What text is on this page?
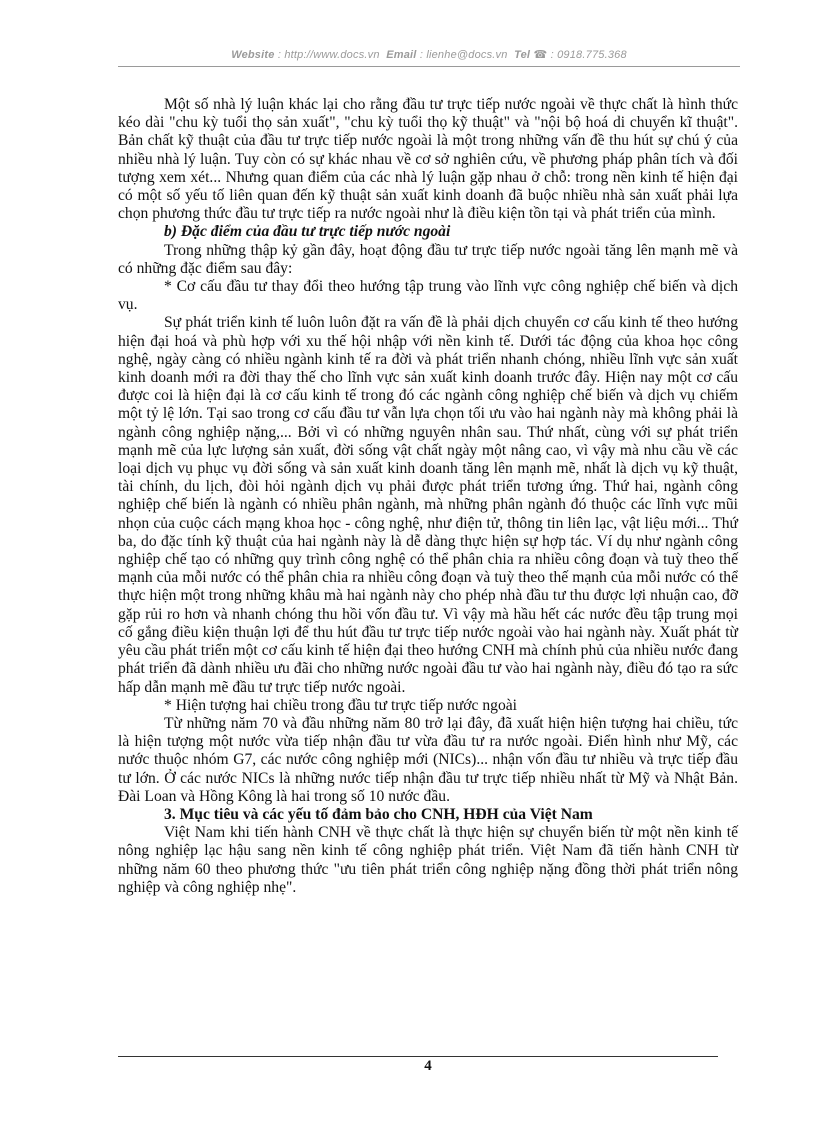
Website : http://www.docs.vn Email : lienhe@docs.vn Tel ☎ : 0918.775.368

Một số nhà lý luận khác lại cho rằng đầu tư trực tiếp nước ngoài về thực chất là hình thức kéo dài "chu kỳ tuổi thọ sản xuất", "chu kỳ tuổi thọ kỹ thuật" và "nội bộ hoá di chuyển kĩ thuật". Bản chất kỹ thuật của đầu tư trực tiếp nước ngoài là một trong những vấn đề thu hút sự chú ý của nhiều nhà lý luận. Tuy còn có sự khác nhau về cơ sở nghiên cứu, về phương pháp phân tích và đối tượng xem xét... Nhưng quan điểm của các nhà lý luận gặp nhau ở chỗ: trong nền kinh tế hiện đại có một số yếu tố liên quan đến kỹ thuật sản xuất kinh doanh đã buộc nhiều nhà sản xuất phải lựa chọn phương thức đầu tư trực tiếp ra nước ngoài như là điều kiện tồn tại và phát triển của mình.

b) Đặc điểm của đầu tư trực tiếp nước ngoài

Trong những thập kỷ gần đây, hoạt động đầu tư trực tiếp nước ngoài tăng lên mạnh mẽ và có những đặc điểm sau đây:

* Cơ cấu đầu tư thay đổi theo hướng tập trung vào lĩnh vực công nghiệp chế biến và dịch vụ.

Sự phát triển kinh tế luôn luôn đặt ra vấn đề là phải dịch chuyển cơ cấu kinh tế theo hướng hiện đại hoá và phù hợp với xu thế hội nhập với nền kinh tế. Dưới tác động của khoa học công nghệ, ngày càng có nhiều ngành kinh tế ra đời và phát triển nhanh chóng, nhiều lĩnh vực sản xuất kinh doanh mới ra đời thay thế cho lĩnh vực sản xuất kinh doanh trước đây. Hiện nay một cơ cấu được coi là hiện đại là cơ cấu kinh tế trong đó các ngành công nghiệp chế biến và dịch vụ chiếm một tỷ lệ lớn. Tại sao trong cơ cấu đầu tư vẫn lựa chọn tối ưu vào hai ngành này mà không phải là ngành công nghiệp nặng,... Bởi vì có những nguyên nhân sau. Thứ nhất, cùng với sự phát triển mạnh mẽ của lực lượng sản xuất, đời sống vật chất ngày một nâng cao, vì vậy mà nhu cầu về các loại dịch vụ phục vụ đời sống và sản xuất kinh doanh tăng lên mạnh mẽ, nhất là dịch vụ kỹ thuật, tài chính, du lịch, đòi hỏi ngành dịch vụ phải được phát triển tương ứng. Thứ hai, ngành công nghiệp chế biến là ngành có nhiều phân ngành, mà những phân ngành đó thuộc các lĩnh vực mũi nhọn của cuộc cách mạng khoa học - công nghệ, như điện tử, thông tin liên lạc, vật liệu mới... Thứ ba, do đặc tính kỹ thuật của hai ngành này là dễ dàng thực hiện sự hợp tác. Ví dụ như ngành công nghiệp chế tạo có những quy trình công nghệ có thể phân chia ra nhiều công đoạn và tuỳ theo thế mạnh của mỗi nước có thể phân chia ra nhiều công đoạn và tuỳ theo thế mạnh của mỗi nước có thể thực hiện một trong những khâu mà hai ngành này cho phép nhà đầu tư thu được lợi nhuận cao, đỡ gặp rủi ro hơn và nhanh chóng thu hồi vốn đầu tư. Vì vậy mà hầu hết các nước đều tập trung mọi cố gắng điều kiện thuận lợi để thu hút đầu tư trực tiếp nước ngoài vào hai ngành này. Xuất phát từ yêu cầu phát triển một cơ cấu kinh tế hiện đại theo hướng CNH mà chính phủ của nhiều nước đang phát triển đã dành nhiều ưu đãi cho những nước ngoài đầu tư vào hai ngành này, điều đó tạo ra sức hấp dẫn mạnh mẽ đầu tư trực tiếp nước ngoài.

* Hiện tượng hai chiều trong đầu tư trực tiếp nước ngoài

Từ những năm 70 và đầu những năm 80 trở lại đây, đã xuất hiện hiện tượng hai chiều, tức là hiện tượng một nước vừa tiếp nhận đầu tư vừa đầu tư ra nước ngoài. Điển hình như Mỹ, các nước thuộc nhóm G7, các nước công nghiệp mới (NICs)... nhận vốn đầu tư nhiều và trực tiếp đầu tư lớn. Ở các nước NICs là những nước tiếp nhận đầu tư trực tiếp nhiều nhất từ Mỹ và Nhật Bản. Đài Loan và Hồng Kông là hai trong số 10 nước đầu.

3. Mục tiêu và các yếu tố đảm bảo cho CNH, HĐH của Việt Nam

Việt Nam khi tiến hành CNH về thực chất là thực hiện sự chuyển biến từ một nền kinh tế nông nghiệp lạc hậu sang nền kinh tế công nghiệp phát triển. Việt Nam đã tiến hành CNH từ những năm 60 theo phương thức "ưu tiên phát triển công nghiệp nặng đồng thời phát triển nông nghiệp và công nghiệp nhẹ".

4
